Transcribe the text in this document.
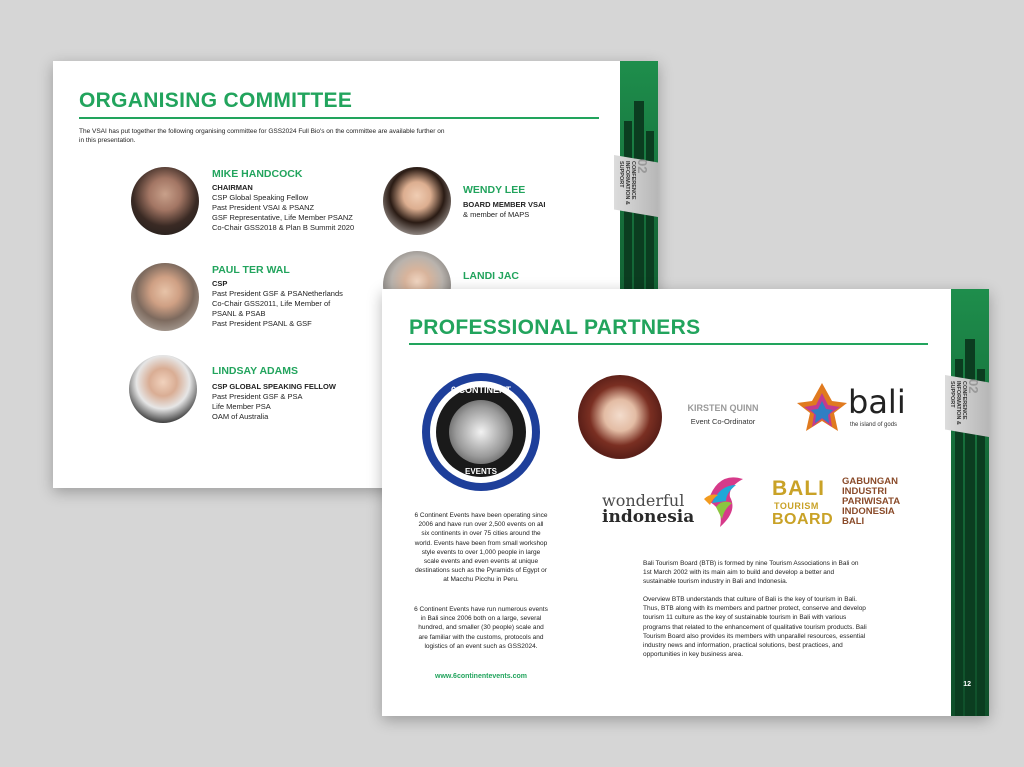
ORGANISING COMMITTEE
The VSAI has put together the following organising committee for GSS2024 Full Bio's on the committee are available further on in this presentation.
MIKE HANDCOCK
CHAIRMAN
CSP Global Speaking Fellow
Past President VSAI & PSANZ
GSF Representative, Life Member PSANZ
Co-Chair GSS2018 & Plan B Summit 2020
PAUL TER WAL
CSP
Past President GSF & PSANetherlands
Co-Chair GSS2011, Life Member of
PSANL & PSAB
Past President PSANL & GSF
LINDSAY ADAMS
CSP GLOBAL SPEAKING FELLOW
Past President GSF & PSA
Life Member PSA
OAM of Australia
WENDY LEE
BOARD MEMBER VSAI
& member of MAPS
LANDI JAC
02
CONFERENCE INFORMATION & SUPPORT
PROFESSIONAL PARTNERS
6 CONTINENT
EVENTS
6 Continent Events have been operating since 2006 and have run over 2,500 events on all six continents in over 75 cities around the world. Events have been from small workshop style events to over 1,000 people in large scale events and even events at unique destinations such as the Pyramids of Egypt or at Macchu Picchu in Peru.
6 Continent Events have run numerous events in Bali since 2006 both on a large, several hundred, and smaller (30 people) scale and are familiar with the customs, protocols and logistics of an event such as GSS2024.
www.6continentevents.com
KIRSTEN QUINN
Event Co-Ordinator
bali
the island of gods
wonderful
indonesia
BALI
TOURISM
BOARD
GABUNGAN
INDUSTRI
PARIWISATA
INDONESIA
BALI
Bali Tourism Board (BTB) is formed by nine Tourism Associations in Bali on 1st March 2002 with its main aim to build and develop a better and sustainable tourism industry in Bali and Indonesia.
Overview BTB understands that culture of Bali is the key of tourism in Bali. Thus, BTB along with its members and partner protect, conserve and develop tourism 11 culture as the key of sustainable tourism in Bali with various programs that related to the enhancement of qualitative tourism products. Bali Tourism Board also provides its members with unparallel resources, essential industry news and information, practical solutions, best practices, and opportunities in key business area.
02
CONFERENCE INFORMATION & SUPPORT
12
